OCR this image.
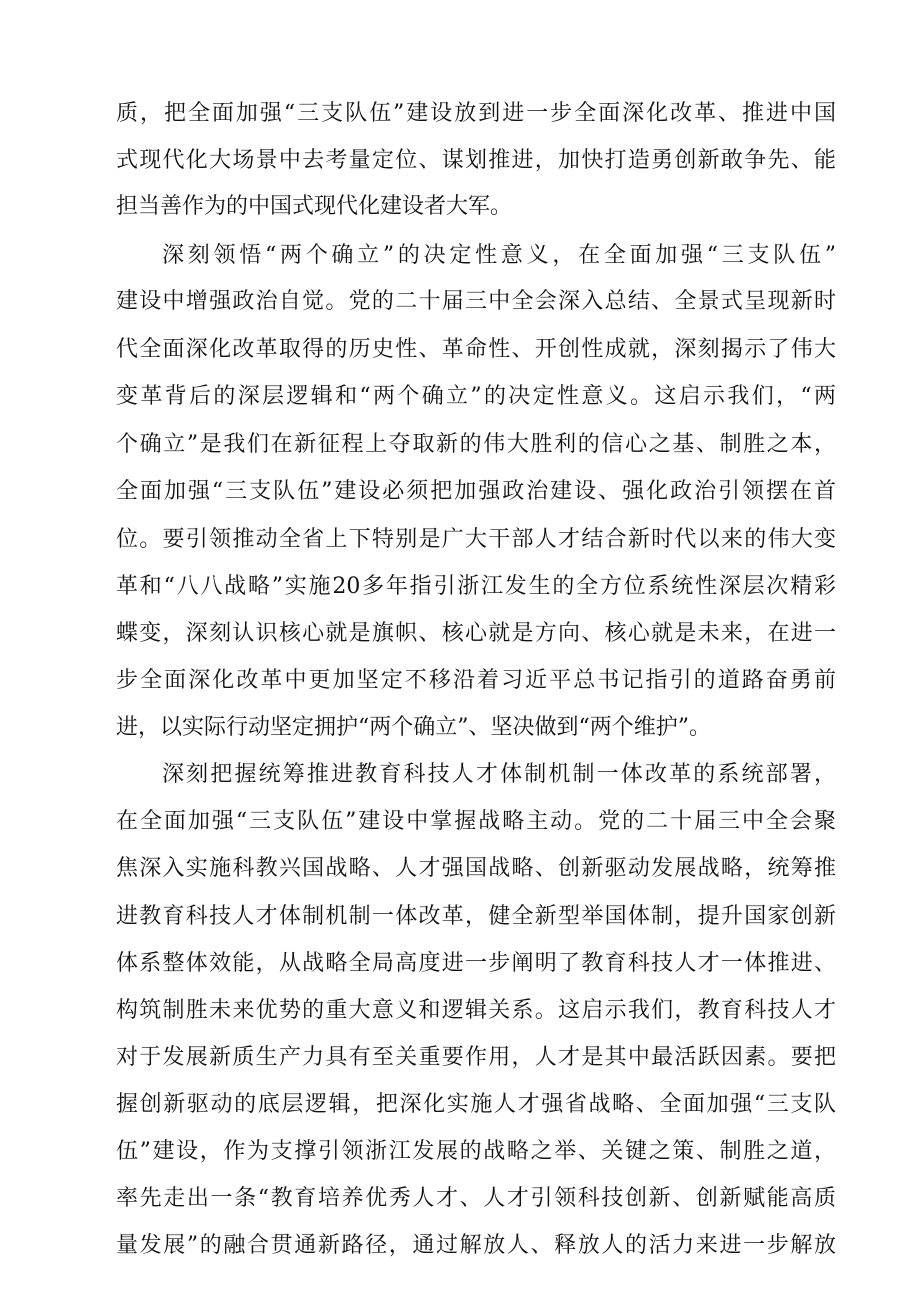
质，把全面加强“三支队伍”建设放到进一步全面深化改革、推进中国
式现代化大场景中去考量定位、谋划推进，加快打造勇创新敢争先、能
担当善作为的中国式现代化建设者大军。
深刻领悟“两个确立”的决定性意义，在全面加强“三支队伍”
建设中增强政治自觉。党的二十届三中全会深入总结、全景式呈现新时
代全面深化改革取得的历史性、革命性、开创性成就，深刻揭示了伟大
变革背后的深层逻辑和“两个确立”的决定性意义。这启示我们，“两
个确立”是我们在新征程上夺取新的伟大胜利的信心之基、制胜之本，
全面加强“三支队伍”建设必须把加强政治建设、强化政治引领摆在首
位。要引领推动全省上下特别是广大干部人才结合新时代以来的伟大变
革和“八八战略”实施20多年指引浙江发生的全方位系统性深层次精彩
蝶变，深刻认识核心就是旗帜、核心就是方向、核心就是未来，在进一
步全面深化改革中更加坚定不移沿着习近平总书记指引的道路奋勇前
进，以实际行动坚定拥护“两个确立”、坚决做到“两个维护”。
深刻把握统筹推进教育科技人才体制机制一体改革的系统部署，
在全面加强“三支队伍”建设中掌握战略主动。党的二十届三中全会聚
焦深入实施科教兴国战略、人才强国战略、创新驱动发展战略，统筹推
进教育科技人才体制机制一体改革，健全新型举国体制，提升国家创新
体系整体效能，从战略全局高度进一步阐明了教育科技人才一体推进、
构筑制胜未来优势的重大意义和逻辑关系。这启示我们，教育科技人才
对于发展新质生产力具有至关重要作用，人才是其中最活跃因素。要把
握创新驱动的底层逻辑，把深化实施人才强省战略、全面加强“三支队
伍”建设，作为支撑引领浙江发展的战略之举、关键之策、制胜之道，
率先走出一条“教育培养优秀人才、人才引领科技创新、创新赋能高质
量发展”的融合贯通新路径，通过解放人、释放人的活力来进一步解放
